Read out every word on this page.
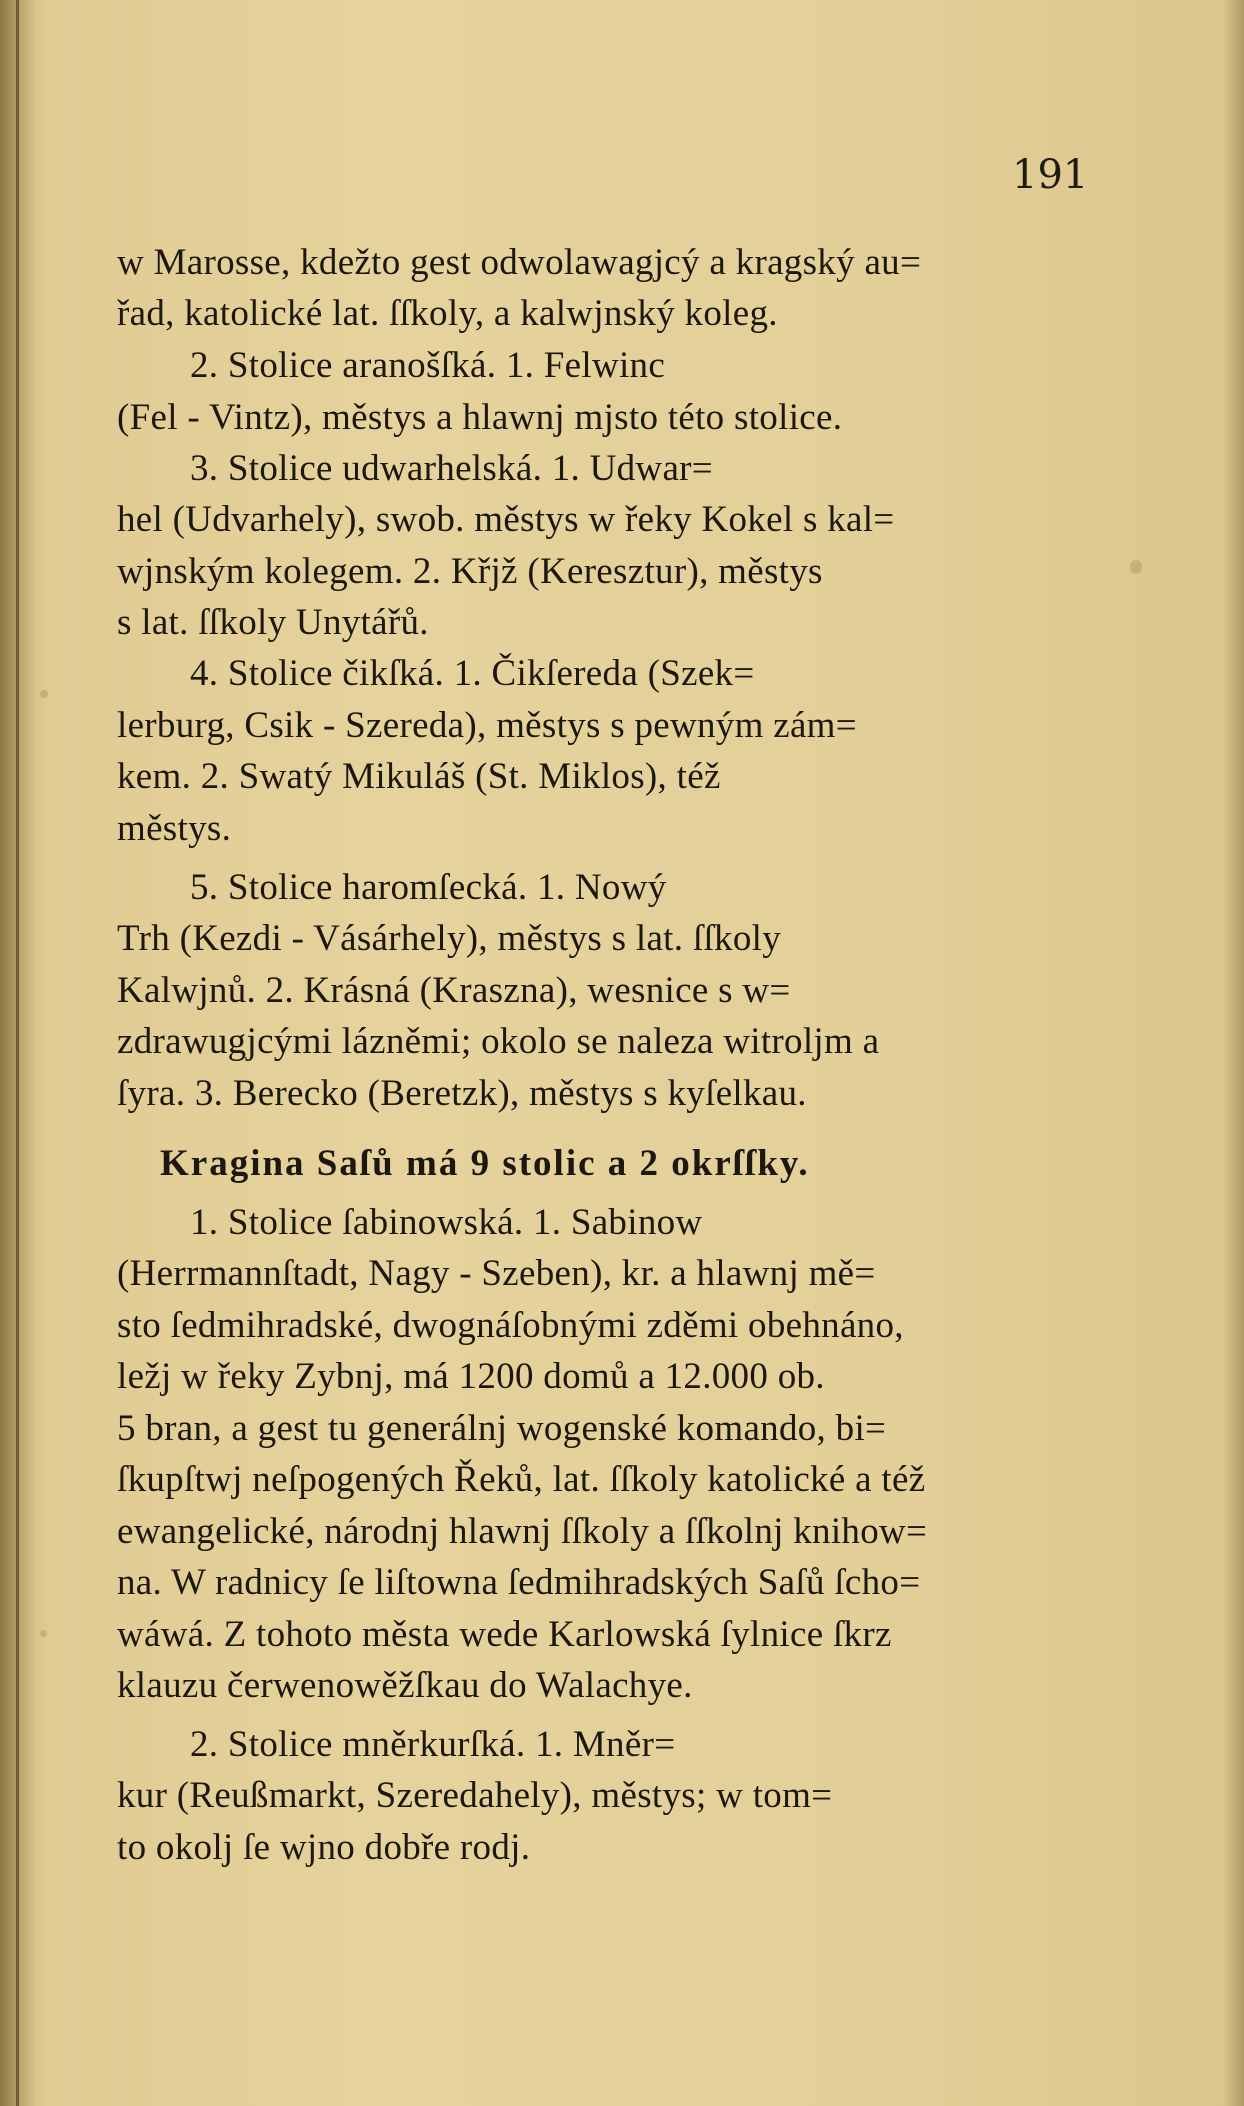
191
w Marosse, kdežto gest odwolawagjcý a kragský au=
řad, katolické lat. ſſkoly, a kalwjnský koleg.
2. Stolice aranošſká. 1. Felwinc
(Fel - Vintz), městys a hlawnj mjsto této stolice.
3. Stolice udwarhelská. 1. Udwar=
hel (Udvarhely), swob. městys w řeky Kokel s kal=
wjnským kolegem. 2. Křjž (Keresztur), městys
s lat. ſſkoly Unytářů.
4. Stolice čikſká. 1. Čikſereda (Szek=
lerburg, Csik - Szereda), městys s pewným zám=
kem. 2. Swatý Mikuláš (St. Miklos), též
městys.
5. Stolice haromſecká. 1. Nowý
Trh (Kezdi - Vásárhely), městys s lat. ſſkoly
Kalwjnů. 2. Krásná (Kraszna), wesnice s w=
zdrawugjcými lázněmi; okolo se naleza witroljm a
ſyra. 3. Berecko (Beretzk), městys s kyſelkau.
Kragina Saſů má 9 stolic a 2 okrſſky.
1. Stolice ſabinowská. 1. Sabinow
(Herrmannſtadt, Nagy - Szeben), kr. a hlawnj mě=
sto ſedmihradské, dwognáſobnými zděmi obehnáno,
ležj w řeky Zybnj, má 1200 domů a 12.000 ob.
5 bran, a gest tu generálnj wogenské komando, bi=
ſkupſtwj neſpogených Řeků, lat. ſſkoly katolické a též
ewangelické, národnj hlawnj ſſkoly a ſſkolnj knihow=
na. W radnicy ſe liſtowna ſedmihradských Saſů ſcho=
wáwá. Z tohoto města wede Karlowská ſylnice ſkrz
klauzu čerwenowěžſkau do Walachye.
2. Stolice mněrkurſká. 1. Mněr=
kur (Reußmarkt, Szeredahely), městys; w tom=
to okolj ſe wjno dobře rodj.
